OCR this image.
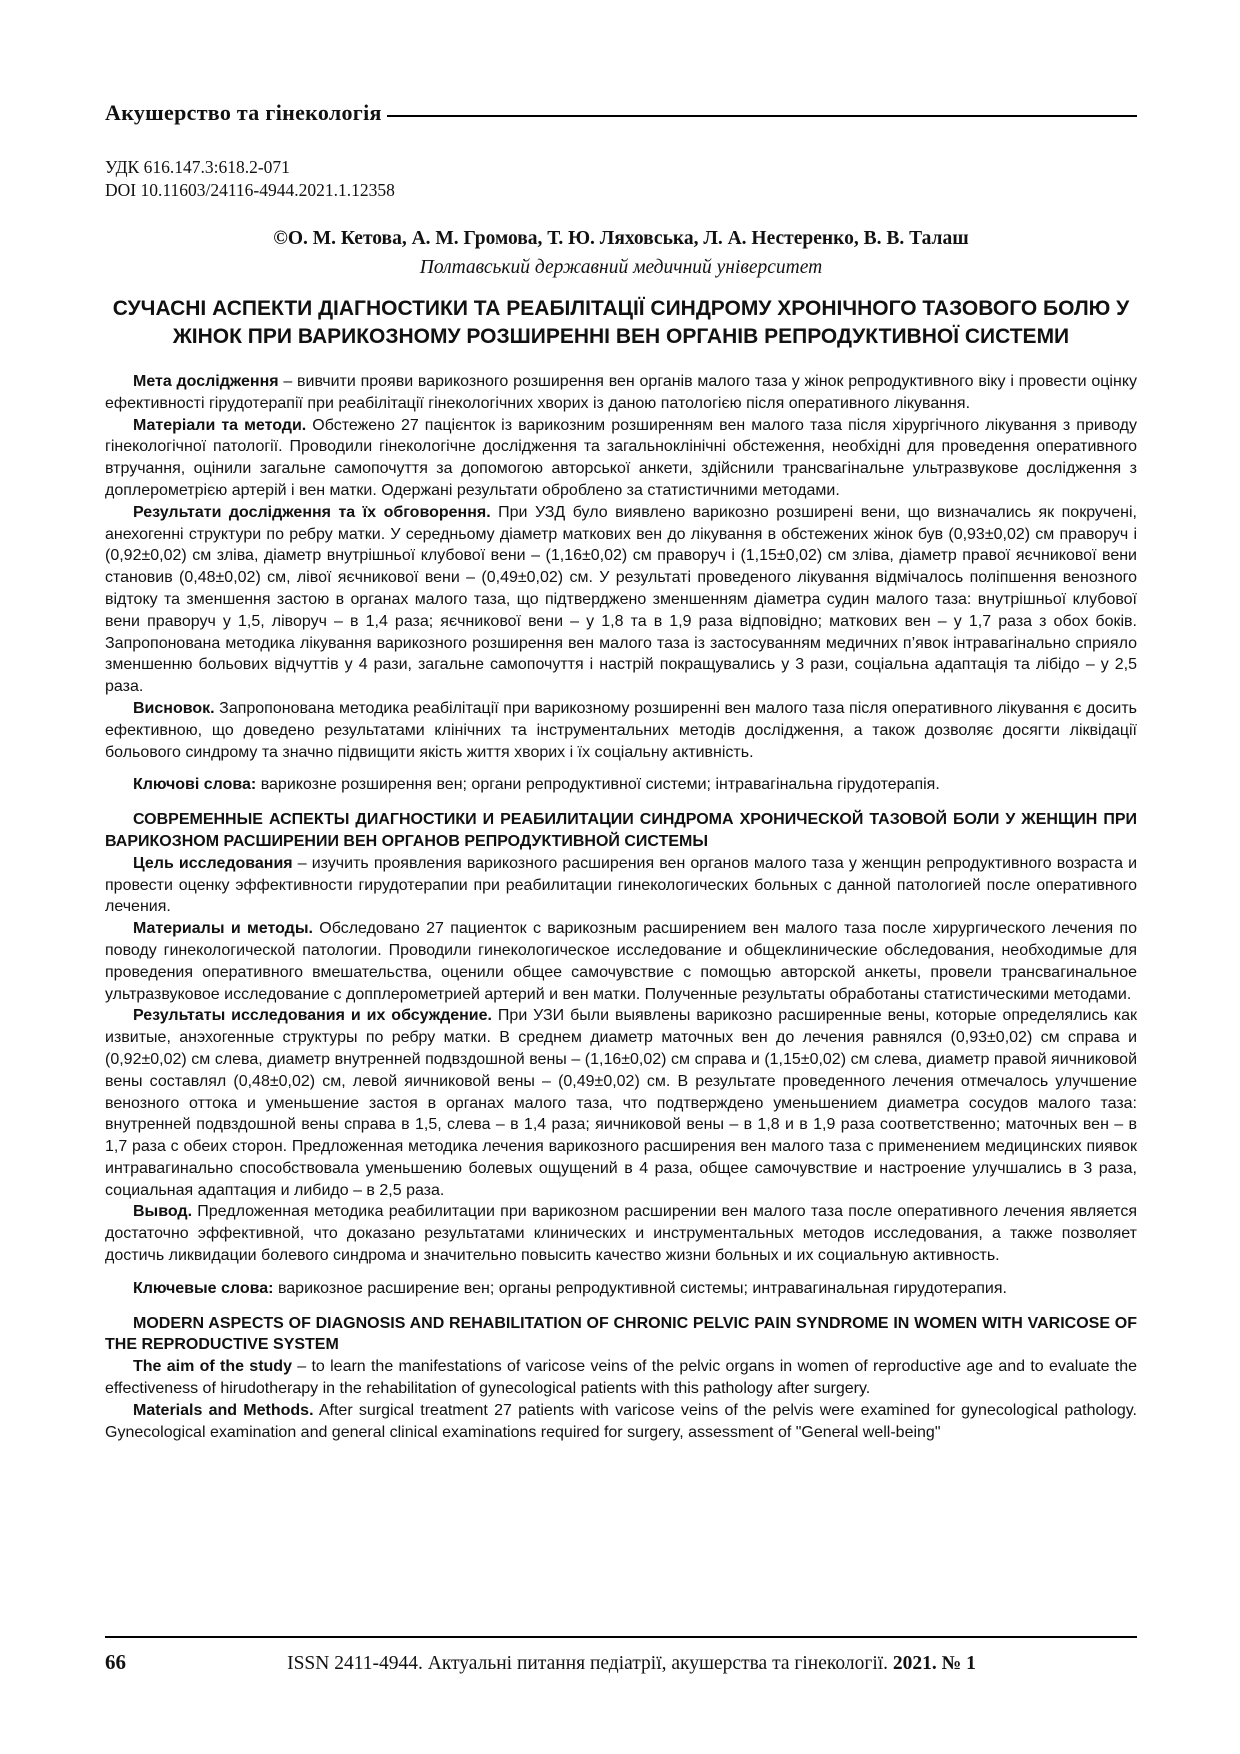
Акушерство та гінекологія
УДК 616.147.3:618.2-071
DOI 10.11603/24116-4944.2021.1.12358
©О. М. Кетова, А. М. Громова, Т. Ю. Ляховська, Л. А. Нестеренко, В. В. Талаш
Полтавський державний медичний університет
СУЧАСНІ АСПЕКТИ ДІАГНОСТИКИ ТА РЕАБІЛІТАЦІЇ СИНДРОМУ ХРОНІЧНОГО ТАЗОВОГО БОЛЮ У ЖІНОК ПРИ ВАРИКОЗНОМУ РОЗШИРЕННІ ВЕН ОРГАНІВ РЕПРОДУКТИВНОЇ СИСТЕМИ

Мета дослідження – вивчити прояви варикозного розширення вен органів малого таза у жінок репродуктивного віку і провести оцінку ефективності гірудотерапії при реабілітації гінекологічних хворих із даною патологією після оперативного лікування.

Матеріали та методи. Обстежено 27 пацієнток із варикозним розширенням вен малого таза після хірургічного лікування з приводу гінекологічної патології. Проводили гінекологічне дослідження та загальноклінічні обстеження, необхідні для проведення оперативного втручання, оцінили загальне самопочуття за допомогою авторської анкети, здійснили трансвагінальне ультразвукове дослідження з доплерометрією артерій і вен матки. Одержані результати оброблено за статистичними методами.

Результати дослідження та їх обговорення. При УЗД було виявлено варикозно розширені вени, що визначались як покручені, анехогенні структури по ребру матки. У середньому діаметр маткових вен до лікування в обстежених жінок був (0,93±0,02) см праворуч і (0,92±0,02) см зліва, діаметр внутрішньої клубової вени – (1,16±0,02) см праворуч і (1,15±0,02) см зліва, діаметр правої яєчникової вени становив (0,48±0,02) см, лівої яєчникової вени – (0,49±0,02) см. У результаті проведеного лікування відмічалось поліпшення венозного відтоку та зменшення застою в органах малого таза, що підтверджено зменшенням діаметра судин малого таза: внутрішньої клубової вени праворуч у 1,5, ліворуч – в 1,4 раза; яєчникової вени – у 1,8 та в 1,9 раза відповідно; маткових вен – у 1,7 раза з обох боків. Запропонована методика лікування варикозного розширення вен малого таза із застосуванням медичних п’явок інтравагінально сприяло зменшенню больових відчуттів у 4 рази, загальне самопочуття і настрій покращувались у 3 рази, соціальна адаптація та лібідо – у 2,5 раза.

Висновок. Запропонована методика реабілітації при варикозному розширенні вен малого таза після оперативного лікування є досить ефективною, що доведено результатами клінічних та інструментальних методів дослідження, а також дозволяє досягти ліквідації больового синдрому та значно підвищити якість життя хворих і їх соціальну активність.

Ключові слова: варикозне розширення вен; органи репродуктивної системи; інтравагінальна гірудотерапія.

СОВРЕМЕННЫЕ АСПЕКТЫ ДИАГНОСТИКИ И РЕАБИЛИТАЦИИ СИНДРОМА ХРОНИЧЕСКОЙ ТАЗОВОЙ БОЛИ У ЖЕНЩИН ПРИ ВАРИКОЗНОМ РАСШИРЕНИИ ВЕН ОРГАНОВ РЕПРОДУКТИВНОЙ СИСТЕМЫ

Цель исследования – изучить проявления варикозного расширения вен органов малого таза у женщин репродуктивного возраста и провести оценку эффективности гирудотерапии при реабилитации гинекологических больных с данной патологией после оперативного лечения.

Материалы и методы. Обследовано 27 пациенток с варикозным расширением вен малого таза после хирургического лечения по поводу гинекологической патологии. Проводили гинекологическое исследование и общеклинические обследования, необходимые для проведения оперативного вмешательства, оценили общее самочувствие с помощью авторской анкеты, провели трансвагинальное ультразвуковое исследование с допплерометрией артерий и вен матки. Полученные результаты обработаны статистическими методами.

Результаты исследования и их обсуждение. При УЗИ были выявлены варикозно расширенные вены, которые определялись как извитые, анэхогенные структуры по ребру матки. В среднем диаметр маточных вен до лечения равнялся (0,93±0,02) см справа и (0,92±0,02) см слева, диаметр внутренней подвздошной вены – (1,16±0,02) см справа и (1,15±0,02) см слева, диаметр правой яичниковой вены составлял (0,48±0,02) см, левой яичниковой вены – (0,49±0,02) см. В результате проведенного лечения отмечалось улучшение венозного оттока и уменьшение застоя в органах малого таза, что подтверждено уменьшением диаметра сосудов малого таза: внутренней подвздошной вены справа в 1,5, слева – в 1,4 раза; яичниковой вены – в 1,8 и в 1,9 раза соответственно; маточных вен – в 1,7 раза с обеих сторон. Предложенная методика лечения варикозного расширения вен малого таза с применением медицинских пиявок интравагинально способствовала уменьшению болевых ощущений в 4 раза, общее самочувствие и настроение улучшались в 3 раза, социальная адаптация и либидо – в 2,5 раза.

Вывод. Предложенная методика реабилитации при варикозном расширении вен малого таза после оперативного лечения является достаточно эффективной, что доказано результатами клинических и инструментальных методов исследования, а также позволяет достичь ликвидации болевого синдрома и значительно повысить качество жизни больных и их социальную активность.

Ключевые слова: варикозное расширение вен; органы репродуктивной системы; интравагинальная гирудотерапия.

MODERN ASPECTS OF DIAGNOSIS AND REHABILITATION OF CHRONIC PELVIC PAIN SYNDROME IN WOMEN WITH VARICOSE OF THE REPRODUCTIVE SYSTEM

The aim of the study – to learn the manifestations of varicose veins of the pelvic organs in women of reproductive age and to evaluate the effectiveness of hirudotherapy in the rehabilitation of gynecological patients with this pathology after surgery.

Materials and Methods. After surgical treatment 27 patients with varicose veins of the pelvis were examined for gynecological pathology. Gynecological examination and general clinical examinations required for surgery, assessment of "General well-being"

66	ISSN 2411-4944. Актуальні питання педіатрії, акушерства та гінекології. 2021. № 1
